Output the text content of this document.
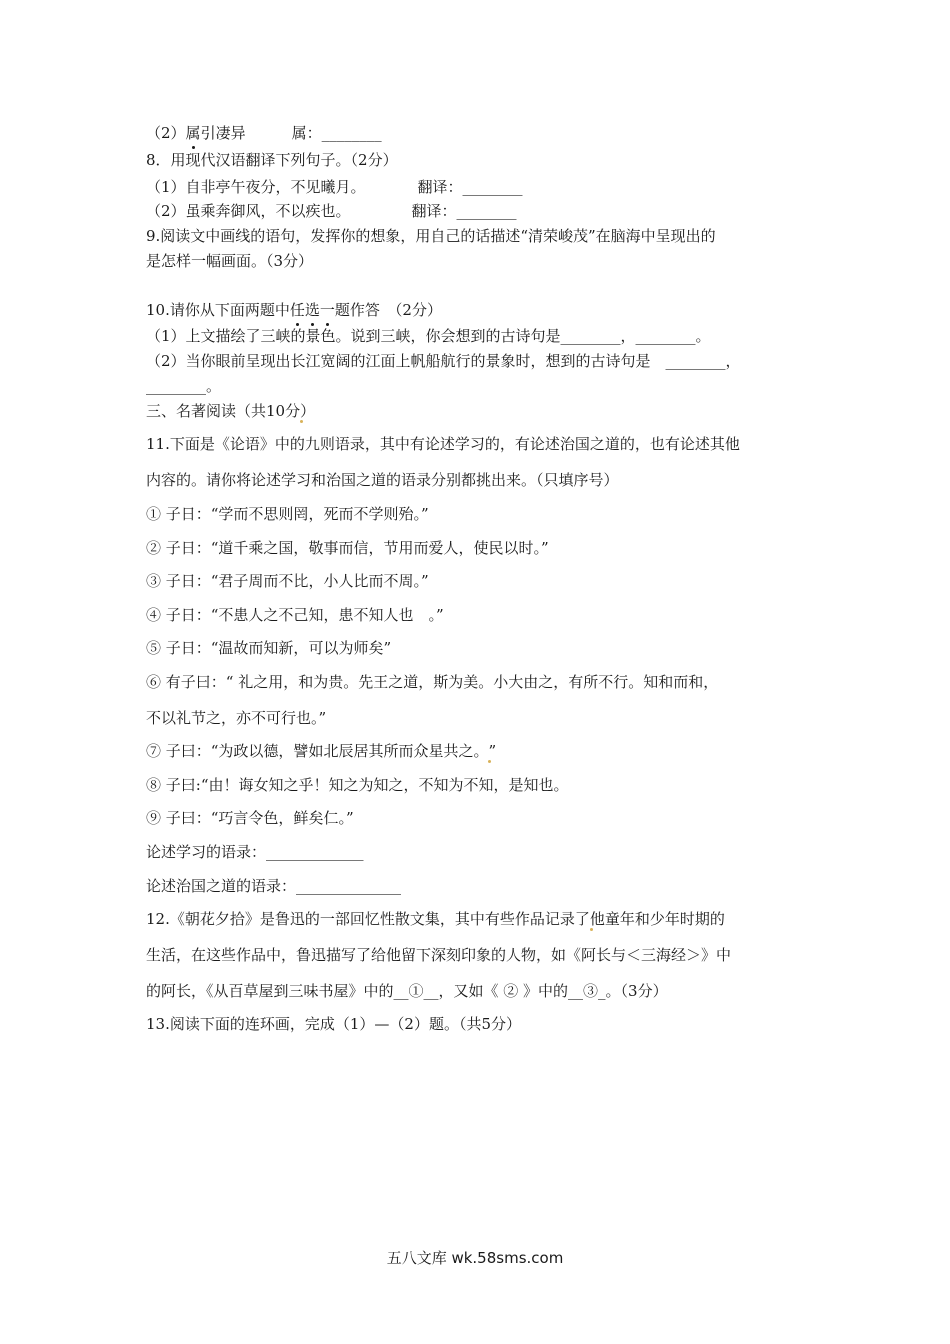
（2）属引凄异	属：________
8．用现代汉语翻译下列句子。（2分）
（1）自非亭午夜分，不见曦月。	翻译：________
（2）虽乘奔御风，不以疾也。	翻译：________
9.阅读文中画线的语句，发挥你的想象，用自己的话描述“清荣峻茂”在脑海中呈现出的
是怎样一幅画面。（3分）
10.请你从下面两题中任选一题作答　（2分）
（1）上文描绘了三峡的景色。说到三峡，你会想到的古诗句是________，________。
（2）当你眼前呈现出长江宽阔的江面上帆船航行的景象时，想到的古诗句是　________，
________。
三、名著阅读（共10分）
11.下面是《论语》中的九则语录，其中有论述学习的，有论述治国之道的，也有论述其他
内容的。请你将论述学习和治国之道的语录分别都挑出来。（只填序号）
① 子日：“学而不思则罔，死而不学则殆。”
② 子日：“道千乘之国，敬事而信，节用而爱人，使民以时。”
③ 子日：“君子周而不比，小人比而不周。”
④ 子日：“不患人之不己知，患不知人也　。”
⑤ 子日：“温故而知新，可以为师矣”
⑥ 有子曰：“ 礼之用，和为贵。先王之道，斯为美。小大由之，有所不行。知和而和，
不以礼节之，亦不可行也。”
⑦ 子曰：“为政以德，譬如北辰居其所而众星共之。”
⑧ 子曰:“由！诲女知之乎！知之为知之，不知为不知，是知也。
⑨ 子曰：“巧言令色，鲜矣仁。”
论述学习的语录：_____________
论述治国之道的语录：______________
12.《朝花夕拾》是鲁迅的一部回忆性散文集，其中有些作品记录了他童年和少年时期的
生活，在这些作品中，鲁迅描写了给他留下深刻印象的人物，如《阿长与＜三海经＞》中
的阿长，《从百草屋到三味书屋》中的__①__，又如《 ② 》中的__③_。（3分）
13.阅读下面的连环画，完成（1）—（2）题。（共5分）
五八文库 wk.58sms.com
